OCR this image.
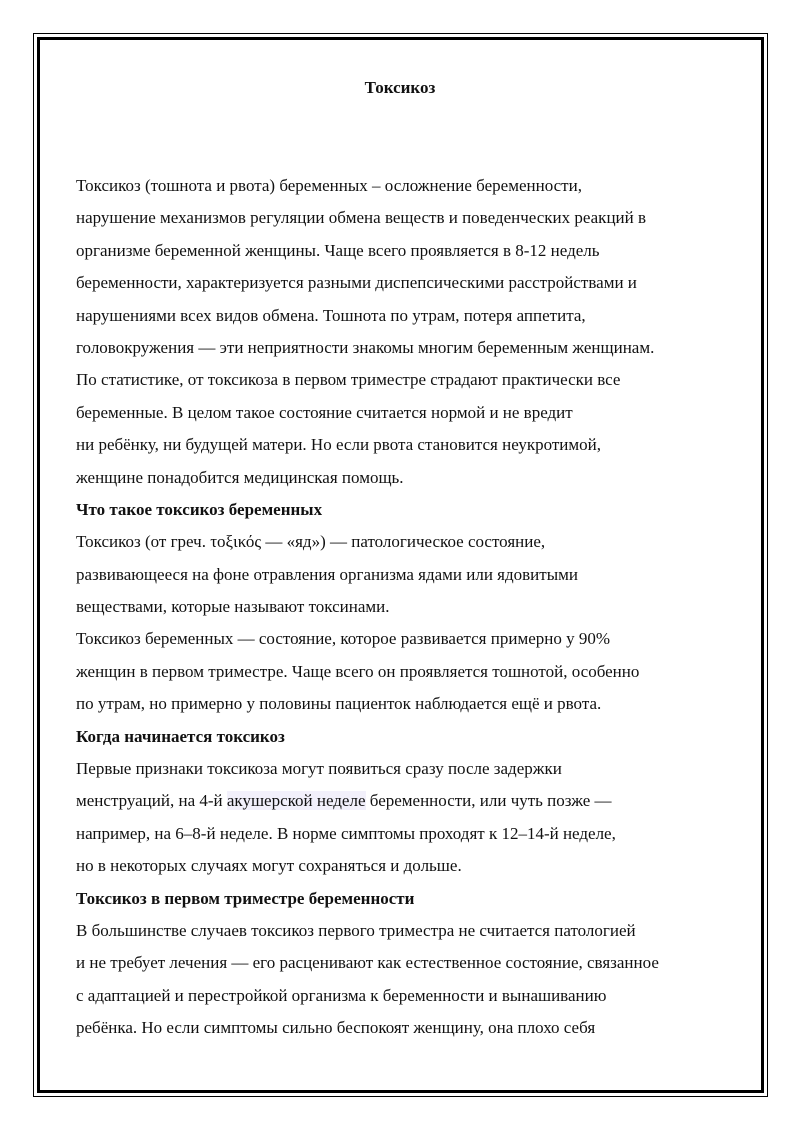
Токсикоз
Токсикоз (тошнота и рвота) беременных – осложнение беременности,
нарушение механизмов регуляции обмена веществ и поведенческих реакций в
организме беременной женщины. Чаще всего проявляется в 8-12 недель
беременности, характеризуется разными диспепсическими расстройствами и
нарушениями всех видов обмена. Тошнота по утрам, потеря аппетита,
головокружения — эти неприятности знакомы многим беременным женщинам.
По статистике, от токсикоза в первом триместре страдают практически все
беременные. В целом такое состояние считается нормой и не вредит
ни ребёнку, ни будущей матери. Но если рвота становится неукротимой,
женщине понадобится медицинская помощь.
Что такое токсикоз беременных
Токсикоз (от греч. τοξικός — «яд») — патологическое состояние,
развивающееся на фоне отравления организма ядами или ядовитыми
веществами, которые называют токсинами.
Токсикоз беременных — состояние, которое развивается примерно у 90%
женщин в первом триместре. Чаще всего он проявляется тошнотой, особенно
по утрам, но примерно у половины пациенток наблюдается ещё и рвота.
Когда начинается токсикоз
Первые признаки токсикоза могут появиться сразу после задержки
менструаций, на 4-й акушерской неделе беременности, или чуть позже —
например, на 6–8-й неделе. В норме симптомы проходят к 12–14-й неделе,
но в некоторых случаях могут сохраняться и дольше.
Токсикоз в первом триместре беременности
В большинстве случаев токсикоз первого триместра не считается патологией
и не требует лечения — его расценивают как естественное состояние, связанное
с адаптацией и перестройкой организма к беременности и вынашиванию
ребёнка. Но если симптомы сильно беспокоят женщину, она плохо себя
